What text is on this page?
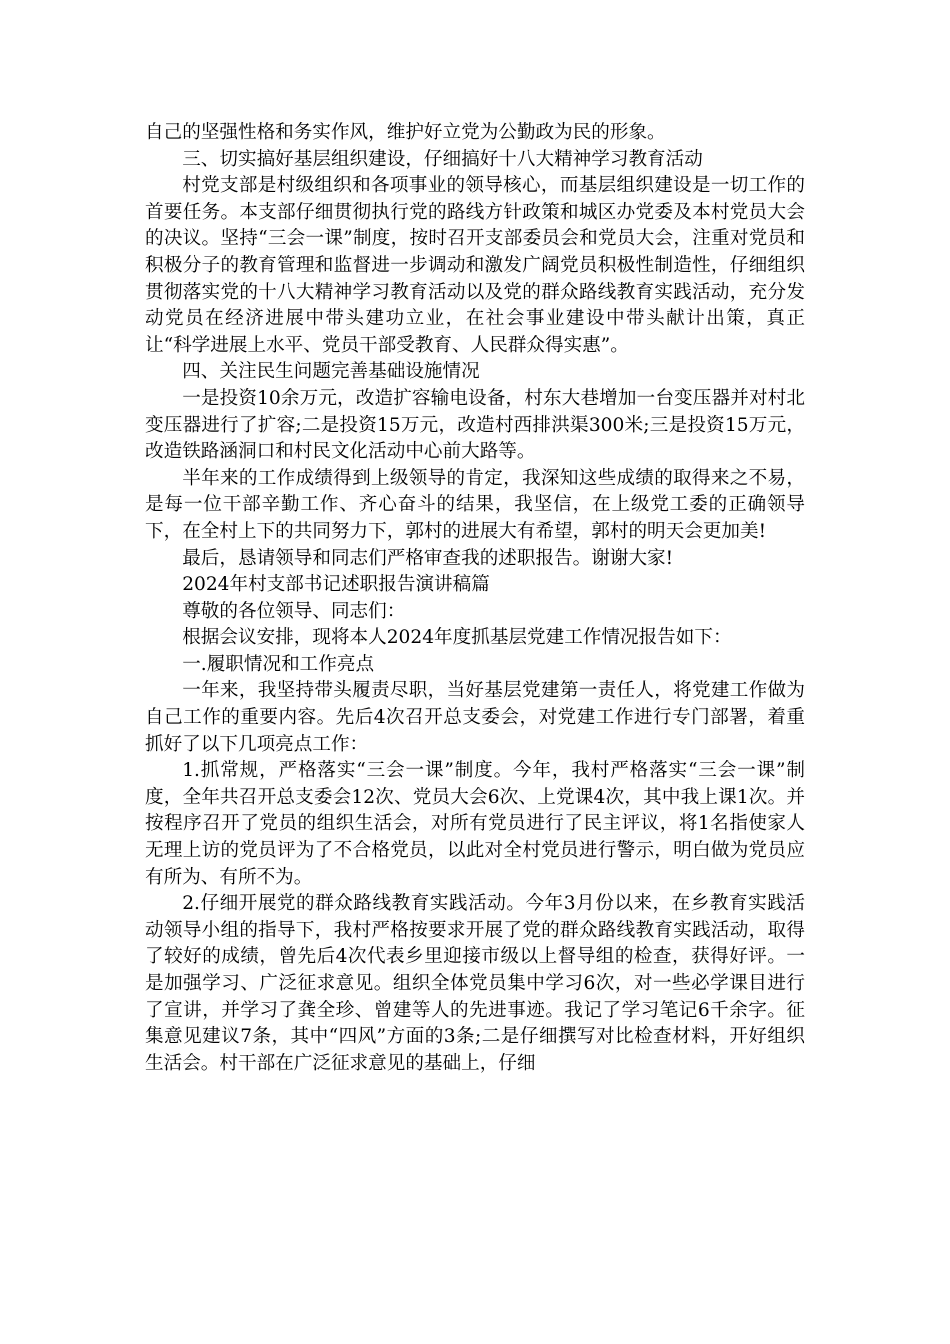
自己的坚强性格和务实作风，维护好立党为公勤政为民的形象。

三、切实搞好基层组织建设，仔细搞好十八大精神学习教育活动

村党支部是村级组织和各项事业的领导核心，而基层组织建设是一切工作的首要任务。本支部仔细贯彻执行党的路线方针政策和城区办党委及本村党员大会的决议。坚持“三会一课”制度，按时召开支部委员会和党员大会，注重对党员和积极分子的教育管理和监督进一步调动和激发广阔党员积极性制造性，仔细组织贯彻落实党的十八大精神学习教育活动以及党的群众路线教育实践活动，充分发动党员在经济进展中带头建功立业，在社会事业建设中带头献计出策，真正让“科学进展上水平、党员干部受教育、人民群众得实惠”。

四、关注民生问题完善基础设施情况

一是投资10余万元，改造扩容输电设备，村东大巷增加一台变压器并对村北变压器进行了扩容;二是投资15万元，改造村西排洪渠300米;三是投资15万元，改造铁路涵洞口和村民文化活动中心前大路等。

半年来的工作成绩得到上级领导的肯定，我深知这些成绩的取得来之不易，是每一位干部辛勤工作、齐心奋斗的结果，我坚信，在上级党工委的正确领导下，在全村上下的共同努力下，郭村的进展大有希望，郭村的明天会更加美!

最后，恳请领导和同志们严格审查我的述职报告。谢谢大家!

2024年村支部书记述职报告演讲稿篇

尊敬的各位领导、同志们：

根据会议安排，现将本人2024年度抓基层党建工作情况报告如下：

一.履职情况和工作亮点

一年来，我坚持带头履责尽职，当好基层党建第一责任人，将党建工作做为自己工作的重要内容。先后4次召开总支委会，对党建工作进行专门部署，着重抓好了以下几项亮点工作：

1.抓常规，严格落实“三会一课”制度。今年，我村严格落实“三会一课”制度，全年共召开总支委会12次、党员大会6次、上党课4次，其中我上课1次。并按程序召开了党员的组织生活会，对所有党员进行了民主评议，将1名指使家人无理上访的党员评为了不合格党员，以此对全村党员进行警示，明白做为党员应有所为、有所不为。

2.仔细开展党的群众路线教育实践活动。今年3月份以来，在乡教育实践活动领导小组的指导下，我村严格按要求开展了党的群众路线教育实践活动，取得了较好的成绩，曾先后4次代表乡里迎接市级以上督导组的检查，获得好评。一是加强学习、广泛征求意见。组织全体党员集中学习6次，对一些必学课目进行了宣讲，并学习了龚全珍、曾建等人的先进事迹。我记了学习笔记6千余字。征集意见建议7条，其中“四风”方面的3条;二是仔细撰写对比检查材料，开好组织生活会。村干部在广泛征求意见的基础上，仔细
